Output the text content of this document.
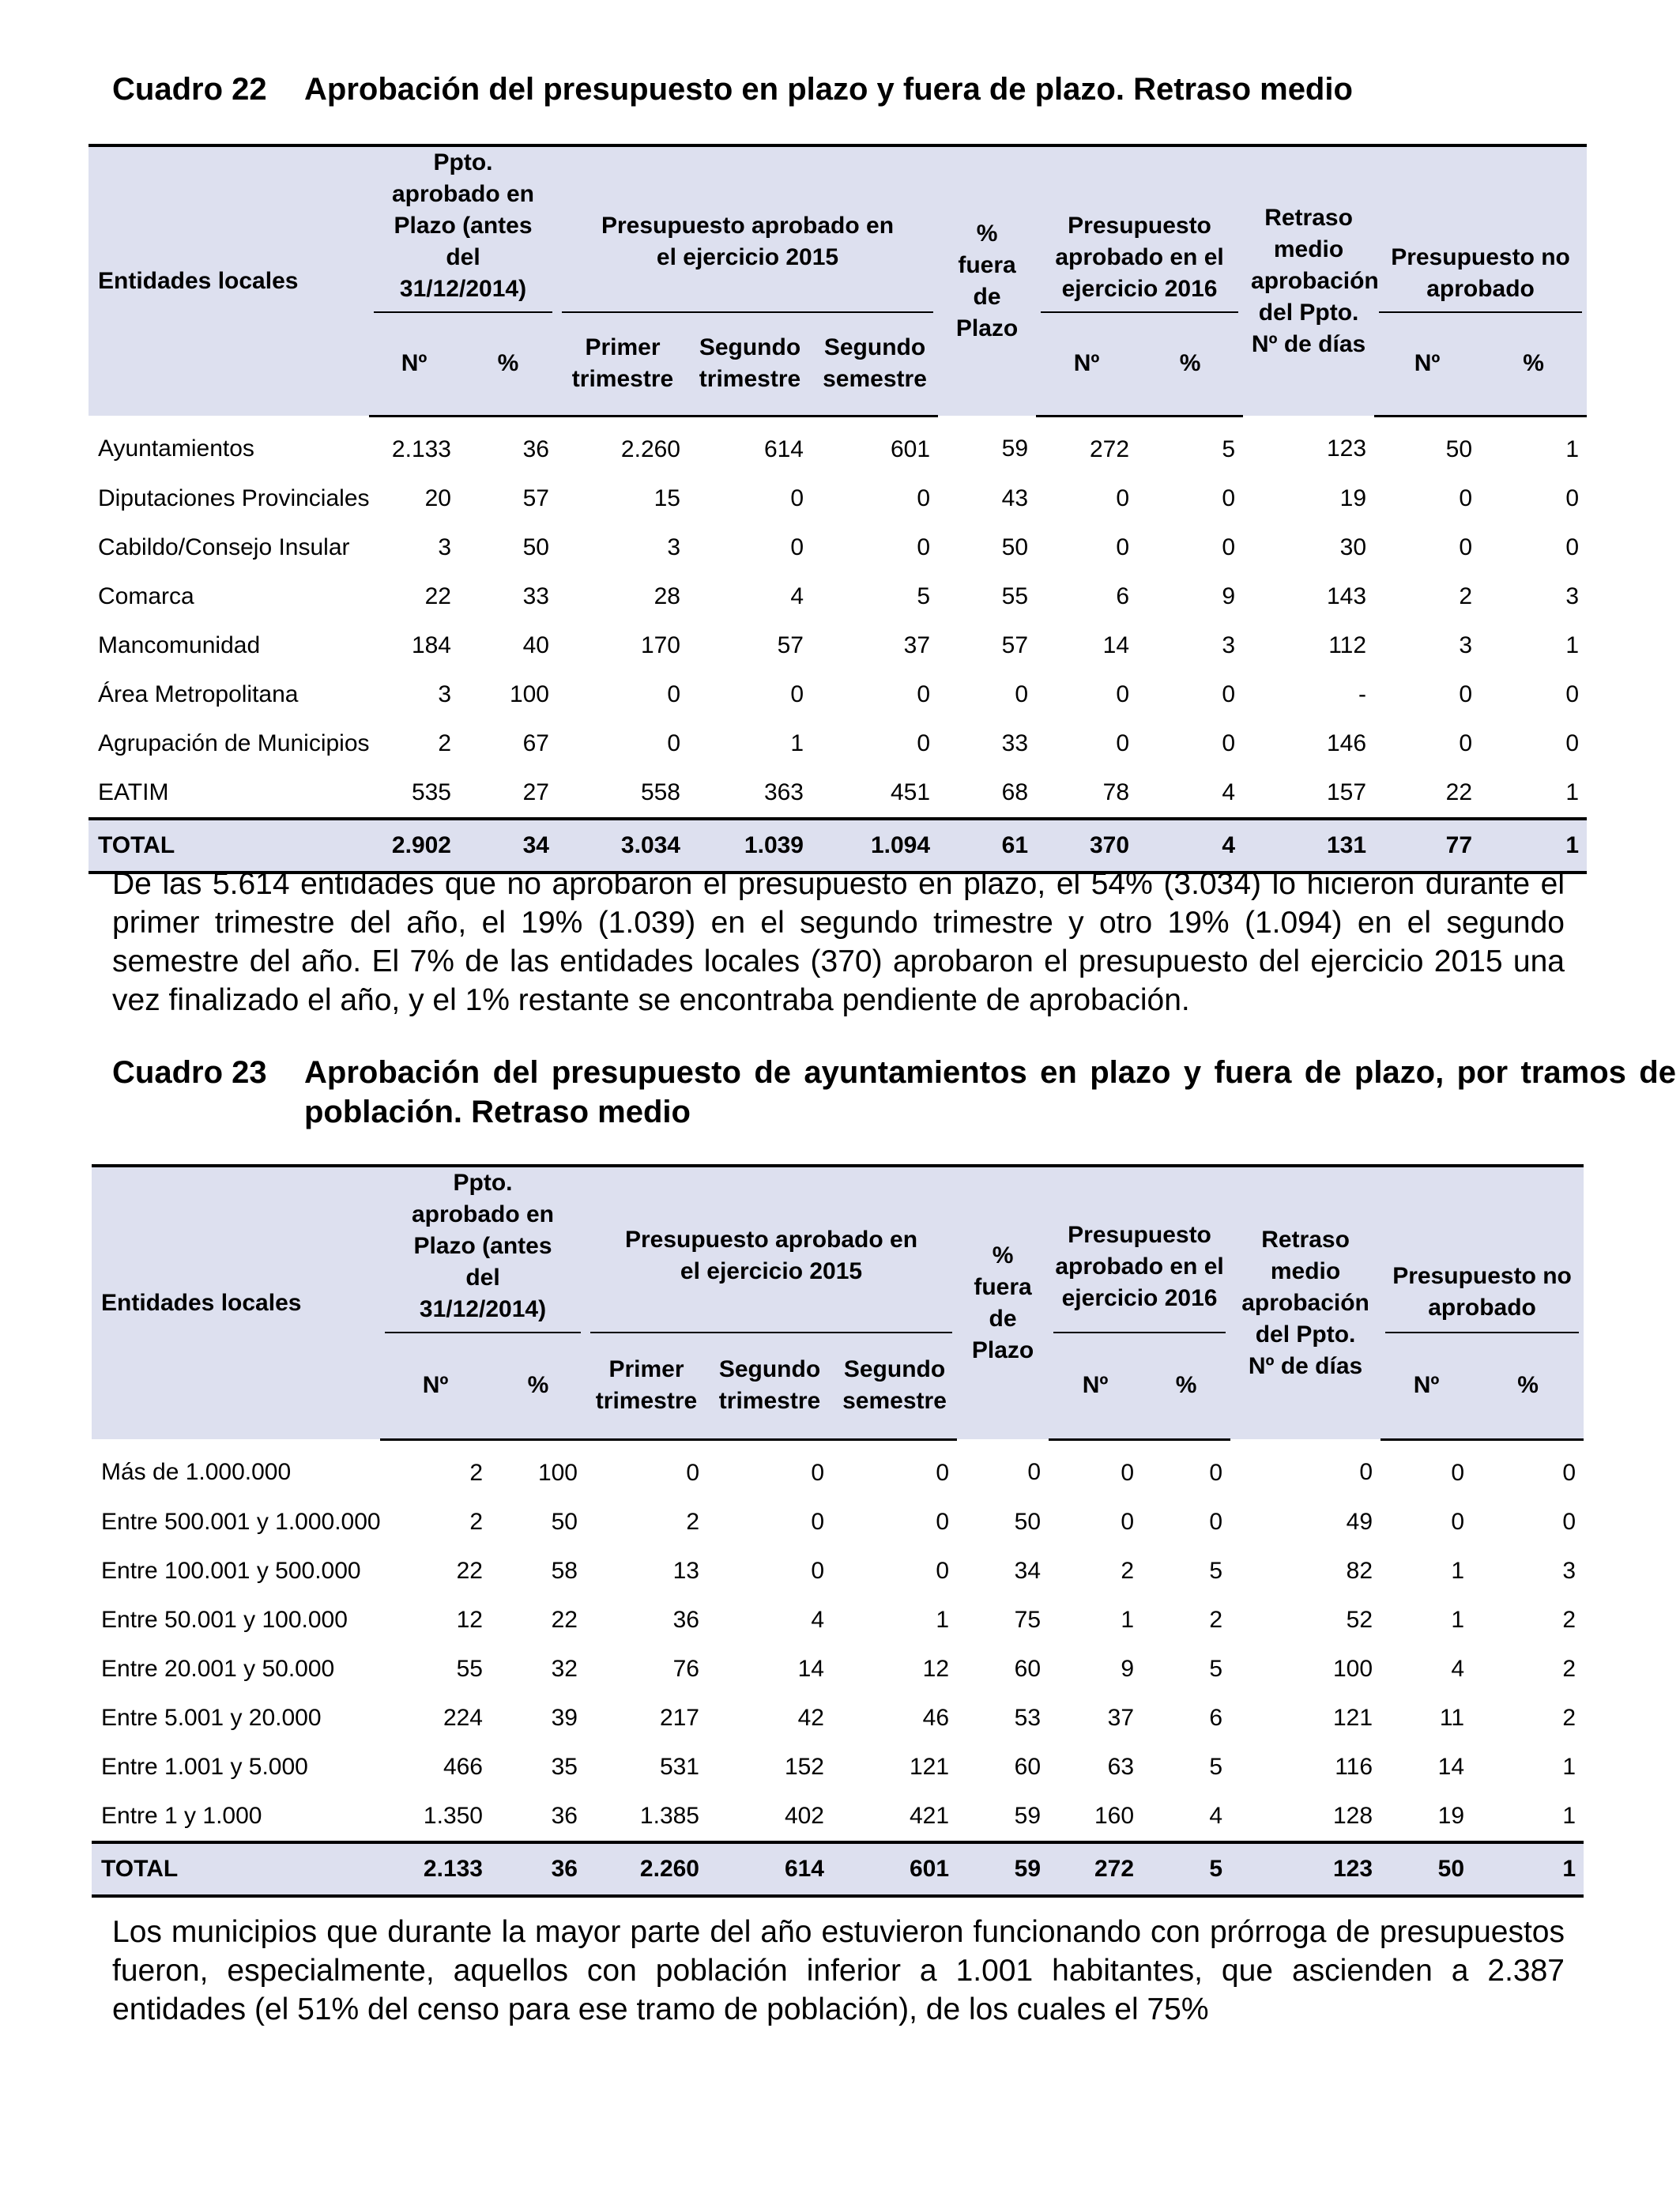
Cuadro 22 Aprobación del presupuesto en plazo y fuera de plazo. Retraso medio
Entidades locales	Ppto. aprobado en Plazo (antes del 31/12/2014)		Presupuesto aprobado en el ejercicio 2015			% fuera de Plazo	Presupuesto aprobado en el ejercicio 2016		Retraso medio aprobación del Ppto. Nº de días	Presupuesto no aprobado	

	Nº	%	Primer trimestre	Segundo trimestre	Segundo semestre		Nº	%		Nº	%
Ayuntamientos	2.133	36	2.260	614	601	59	272	5	123	50	1
Diputaciones Provinciales	20	57	15	0	0	43	0	0	19	0	0
Cabildo/Consejo Insular	3	50	3	0	0	50	0	0	30	0	0
Comarca	22	33	28	4	5	55	6	9	143	2	3
Mancomunidad	184	40	170	57	37	57	14	3	112	3	1
Área Metropolitana	3	100	0	0	0	0	0	0	-	0	0
Agrupación de Municipios	2	67	0	1	0	33	0	0	146	0	0
EATIM	535	27	558	363	451	68	78	4	157	22	1
TOTAL	2.902	34	3.034	1.039	1.094	61	370	4	131	77	1
De las 5.614 entidades que no aprobaron el presupuesto en plazo, el 54% (3.034) lo hicieron durante el primer trimestre del año, el 19% (1.039) en el segundo trimestre y otro 19% (1.094) en el segundo semestre del año. El 7% de las entidades locales (370) aprobaron el presupuesto del ejercicio 2015 una vez finalizado el año, y el 1% restante se encontraba pendiente de aprobación.
Cuadro 23 Aprobación del presupuesto de ayuntamientos en plazo y fuera de plazo, por tramos de población. Retraso medio
Entidades locales	Ppto. aprobado en Plazo (antes del 31/12/2014)		Presupuesto aprobado en el ejercicio 2015			% fuera de Plazo	Presupuesto aprobado en el ejercicio 2016		Retraso medio aprobación del Ppto. Nº de días	Presupuesto no aprobado	

	Nº	%	Primer trimestre	Segundo trimestre	Segundo semestre		Nº	%		Nº	%
Más de 1.000.000	2	100	0	0	0	0	0	0	0	0	0
Entre 500.001 y 1.000.000	2	50	2	0	0	50	0	0	49	0	0
Entre 100.001 y 500.000	22	58	13	0	0	34	2	5	82	1	3
Entre 50.001 y 100.000	12	22	36	4	1	75	1	2	52	1	2
Entre 20.001 y 50.000	55	32	76	14	12	60	9	5	100	4	2
Entre 5.001 y 20.000	224	39	217	42	46	53	37	6	121	11	2
Entre 1.001 y 5.000	466	35	531	152	121	60	63	5	116	14	1
Entre 1 y 1.000	1.350	36	1.385	402	421	59	160	4	128	19	1
TOTAL	2.133	36	2.260	614	601	59	272	5	123	50	1
Los municipios que durante la mayor parte del año estuvieron funcionando con prórroga de presupuestos fueron, especialmente, aquellos con población inferior a 1.001 habitantes, que ascienden a 2.387 entidades (el 51% del censo para ese tramo de población), de los cuales el 75%
